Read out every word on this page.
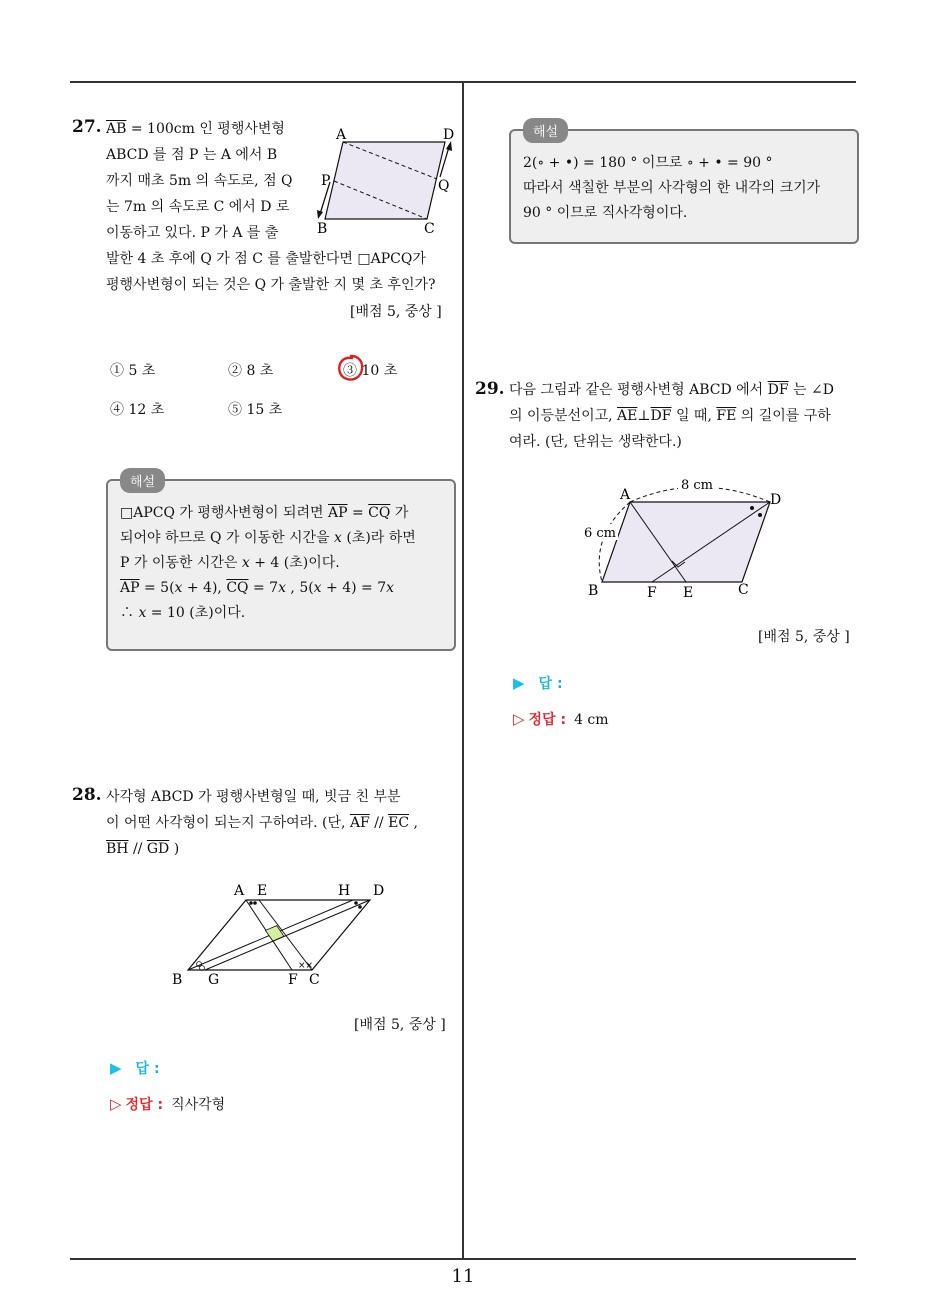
27. $\overline{AB} = 100cm$ 인 평행사변형
ABCD 를 점 P 는 A 에서 B
까지 매초 5m 의 속도로, 점 Q
는 7m 의 속도로 C 에서 D 로
이동하고 있다. P 가 A 를 출
발한 4 초 후에 Q 가 점 C 를 출발한다면 □APCQ가
평행사변형이 되는 것은 Q 가 출발한 지 몇 초 후인가?
[배점 5, 중상 ]
A	D
P	Q
B	C
① 5 초	② 8 초	③ 10 초
④ 12 초	⑤ 15 초
해설
□APCQ 가 평행사변형이 되려면 $\overline{AP} = \overline{CQ}$ 가
되어야 하므로 Q 가 이동한 시간을 𝑥 (초)라 하면
P 가 이동한 시간은 𝑥 + 4 (초)이다.
$\overline{AP}$ = 5(𝑥 + 4), $\overline{CQ}$ = 7𝑥 , 5(𝑥 + 4) = 7𝑥
∴ 𝑥 = 10 (초)이다.
28. 사각형 ABCD 가 평행사변형일 때, 빗금 친 부분
이 어떤 사각형이 되는지 구하여라. (단, $\overline{AF} // \overline{EC}$ ,
$\overline{BH} // \overline{GD}$ )
××
A E	H D
B G	F C
[배점 5, 중상 ]
▶ 답 :
▷ 정답 : 직사각형
해설
2(∘ + •) = 180 ° 이므로 ∘ + • = 90 °
따라서 색칠한 부분의 사각형의 한 내각의 크기가
90 ° 이므로 직사각형이다.
29. 다음 그림과 같은 평행사변형 ABCD 에서 $\overline{DF}$ 는 ∠D
의 이등분선이고, $\overline{AE}\perp\overline{DF}$ 일 때, $\overline{FE}$ 의 길이를 구하
여라. (단, 단위는 생략한다.)
8 cm
6 cm
A	D
B	F E	C
[배점 5, 중상 ]
▶ 답 :
▷ 정답 : 4 cm
11
